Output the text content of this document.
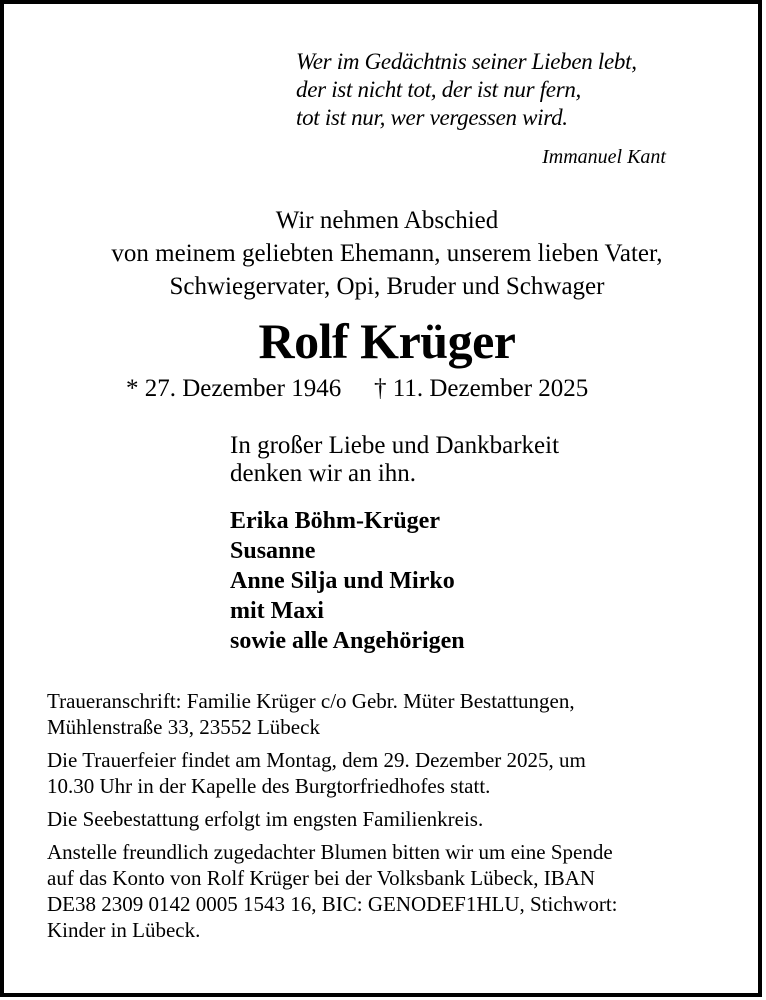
Wer im Gedächtnis seiner Lieben lebt,
der ist nicht tot, der ist nur fern,
tot ist nur, wer vergessen wird.
Immanuel Kant
Wir nehmen Abschied
von meinem geliebten Ehemann, unserem lieben Vater,
Schwiegervater, Opi, Bruder und Schwager
Rolf Krüger
* 27. Dezember 1946 † 11. Dezember 2025
In großer Liebe und Dankbarkeit
denken wir an ihn.
Erika Böhm-Krüger
Susanne
Anne Silja und Mirko
mit Maxi
sowie alle Angehörigen
Traueranschrift: Familie Krüger c/o Gebr. Müter Bestattungen,
Mühlenstraße 33, 23552 Lübeck
Die Trauerfeier findet am Montag, dem 29. Dezember 2025, um
10.30 Uhr in der Kapelle des Burgtorfriedhofes statt.
Die Seebestattung erfolgt im engsten Familienkreis.
Anstelle freundlich zugedachter Blumen bitten wir um eine Spende
auf das Konto von Rolf Krüger bei der Volksbank Lübeck, IBAN
DE38 2309 0142 0005 1543 16, BIC: GENODEF1HLU, Stichwort:
Kinder in Lübeck.
